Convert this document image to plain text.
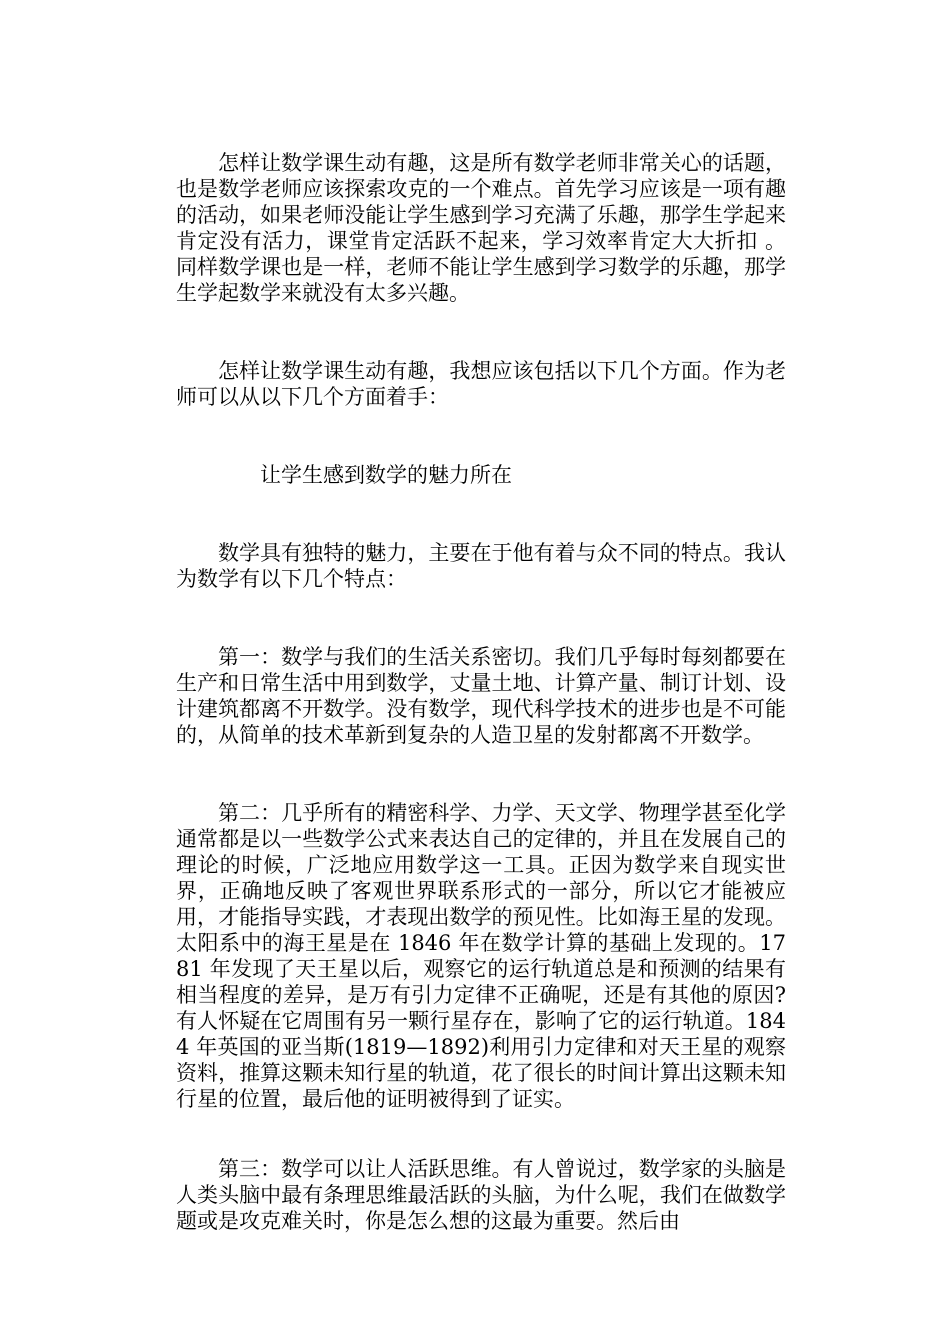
怎样让数学课生动有趣，这是所有数学老师非常关心的话题，也是数学老师应该探索攻克的一个难点。首先学习应该是一项有趣的活动，如果老师没能让学生感到学习充满了乐趣，那学生学起来肯定没有活力，课堂肯定活跃不起来，学习效率肯定大大折扣 。同样数学课也是一样，老师不能让学生感到学习数学的乐趣，那学生学起数学来就没有太多兴趣。

怎样让数学课生动有趣，我想应该包括以下几个方面。作为老师可以从以下几个方面着手：

让学生感到数学的魅力所在

数学具有独特的魅力，主要在于他有着与众不同的特点。我认为数学有以下几个特点：

第一：数学与我们的生活关系密切。我们几乎每时每刻都要在生产和日常生活中用到数学，丈量土地、计算产量、制订计划、设计建筑都离不开数学。没有数学，现代科学技术的进步也是不可能的，从简单的技术革新到复杂的人造卫星的发射都离不开数学。

第二：几乎所有的精密科学、力学、天文学、物理学甚至化学通常都是以一些数学公式来表达自己的定律的，并且在发展自己的理论的时候，广泛地应用数学这一工具。正因为数学来自现实世界，正确地反映了客观世界联系形式的一部分，所以它才能被应用，才能指导实践，才表现出数学的预见性。比如海王星的发现。太阳系中的海王星是在 1846 年在数学计算的基础上发现的。1781 年发现了天王星以后，观察它的运行轨道总是和预测的结果有相当程度的差异，是万有引力定律不正确呢，还是有其他的原因?有人怀疑在它周围有另一颗行星存在，影响了它的运行轨道。1844 年英国的亚当斯(1819—1892)利用引力定律和对天王星的观察资料，推算这颗未知行星的轨道，花了很长的时间计算出这颗未知行星的位置，最后他的证明被得到了证实。

第三：数学可以让人活跃思维。有人曾说过，数学家的头脑是人类头脑中最有条理思维最活跃的头脑，为什么呢，我们在做数学题或是攻克难关时，你是怎么想的这最为重要。然后由
